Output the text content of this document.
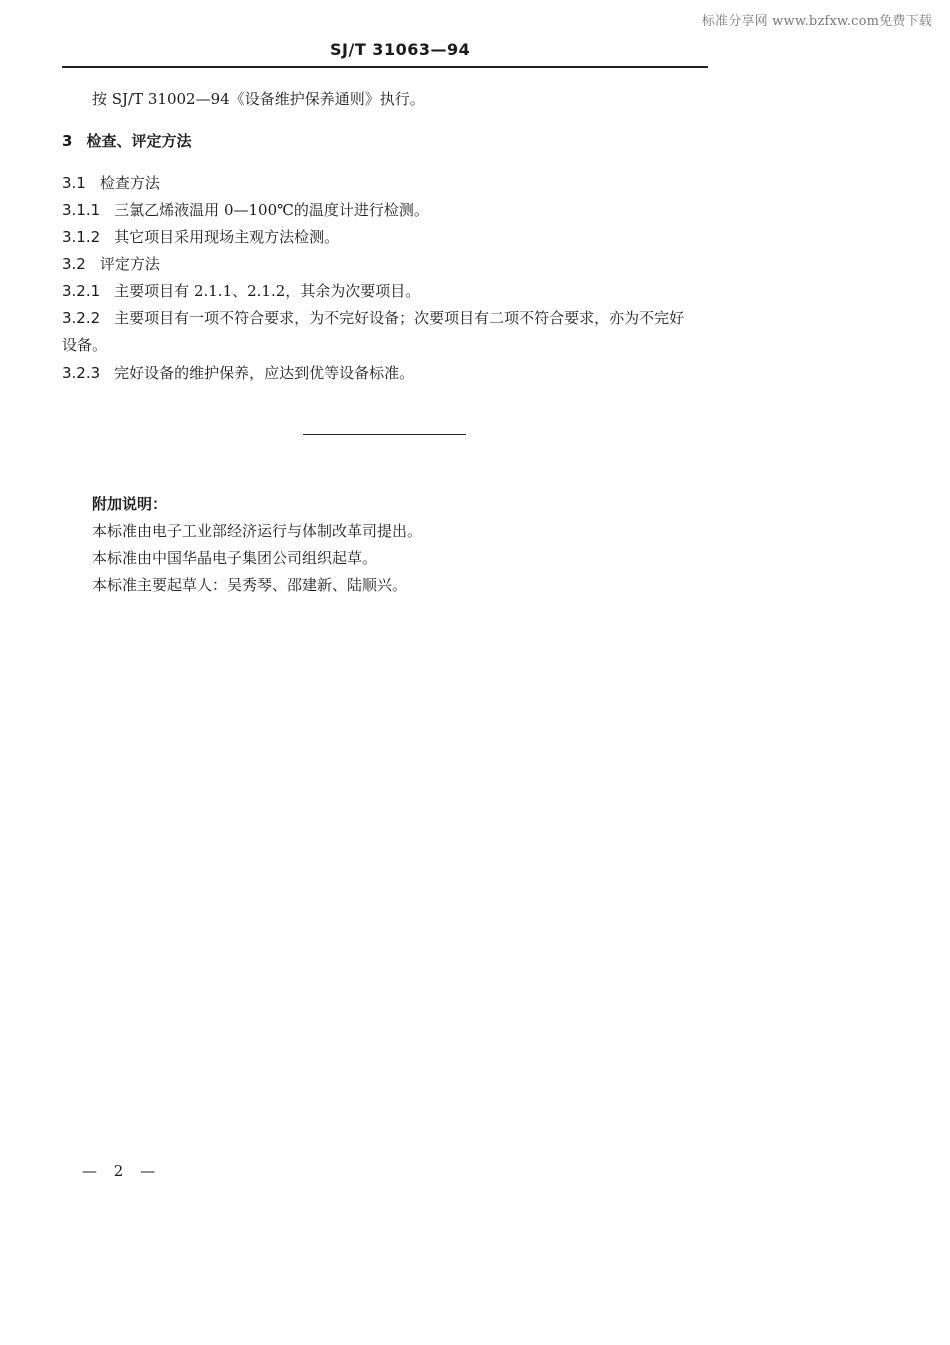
标准分享网 www.bzfxw.com免费下载
SJ/T 31063—94
按 SJ/T 31002—94《设备维护保养通则》执行。
3 检查、评定方法
3.1 检查方法
3.1.1 三氯乙烯液温用 0—100℃的温度计进行检测。
3.1.2 其它项目采用现场主观方法检测。
3.2 评定方法
3.2.1 主要项目有 2.1.1、2.1.2，其余为次要项目。
3.2.2 主要项目有一项不符合要求，为不完好设备；次要项目有二项不符合要求，亦为不完好
设备。
3.2.3 完好设备的维护保养，应达到优等设备标准。
附加说明：
本标准由电子工业部经济运行与体制改革司提出。
本标准由中国华晶电子集团公司组织起草。
本标准主要起草人：吴秀琴、邵建新、陆顺兴。
— 2 —
